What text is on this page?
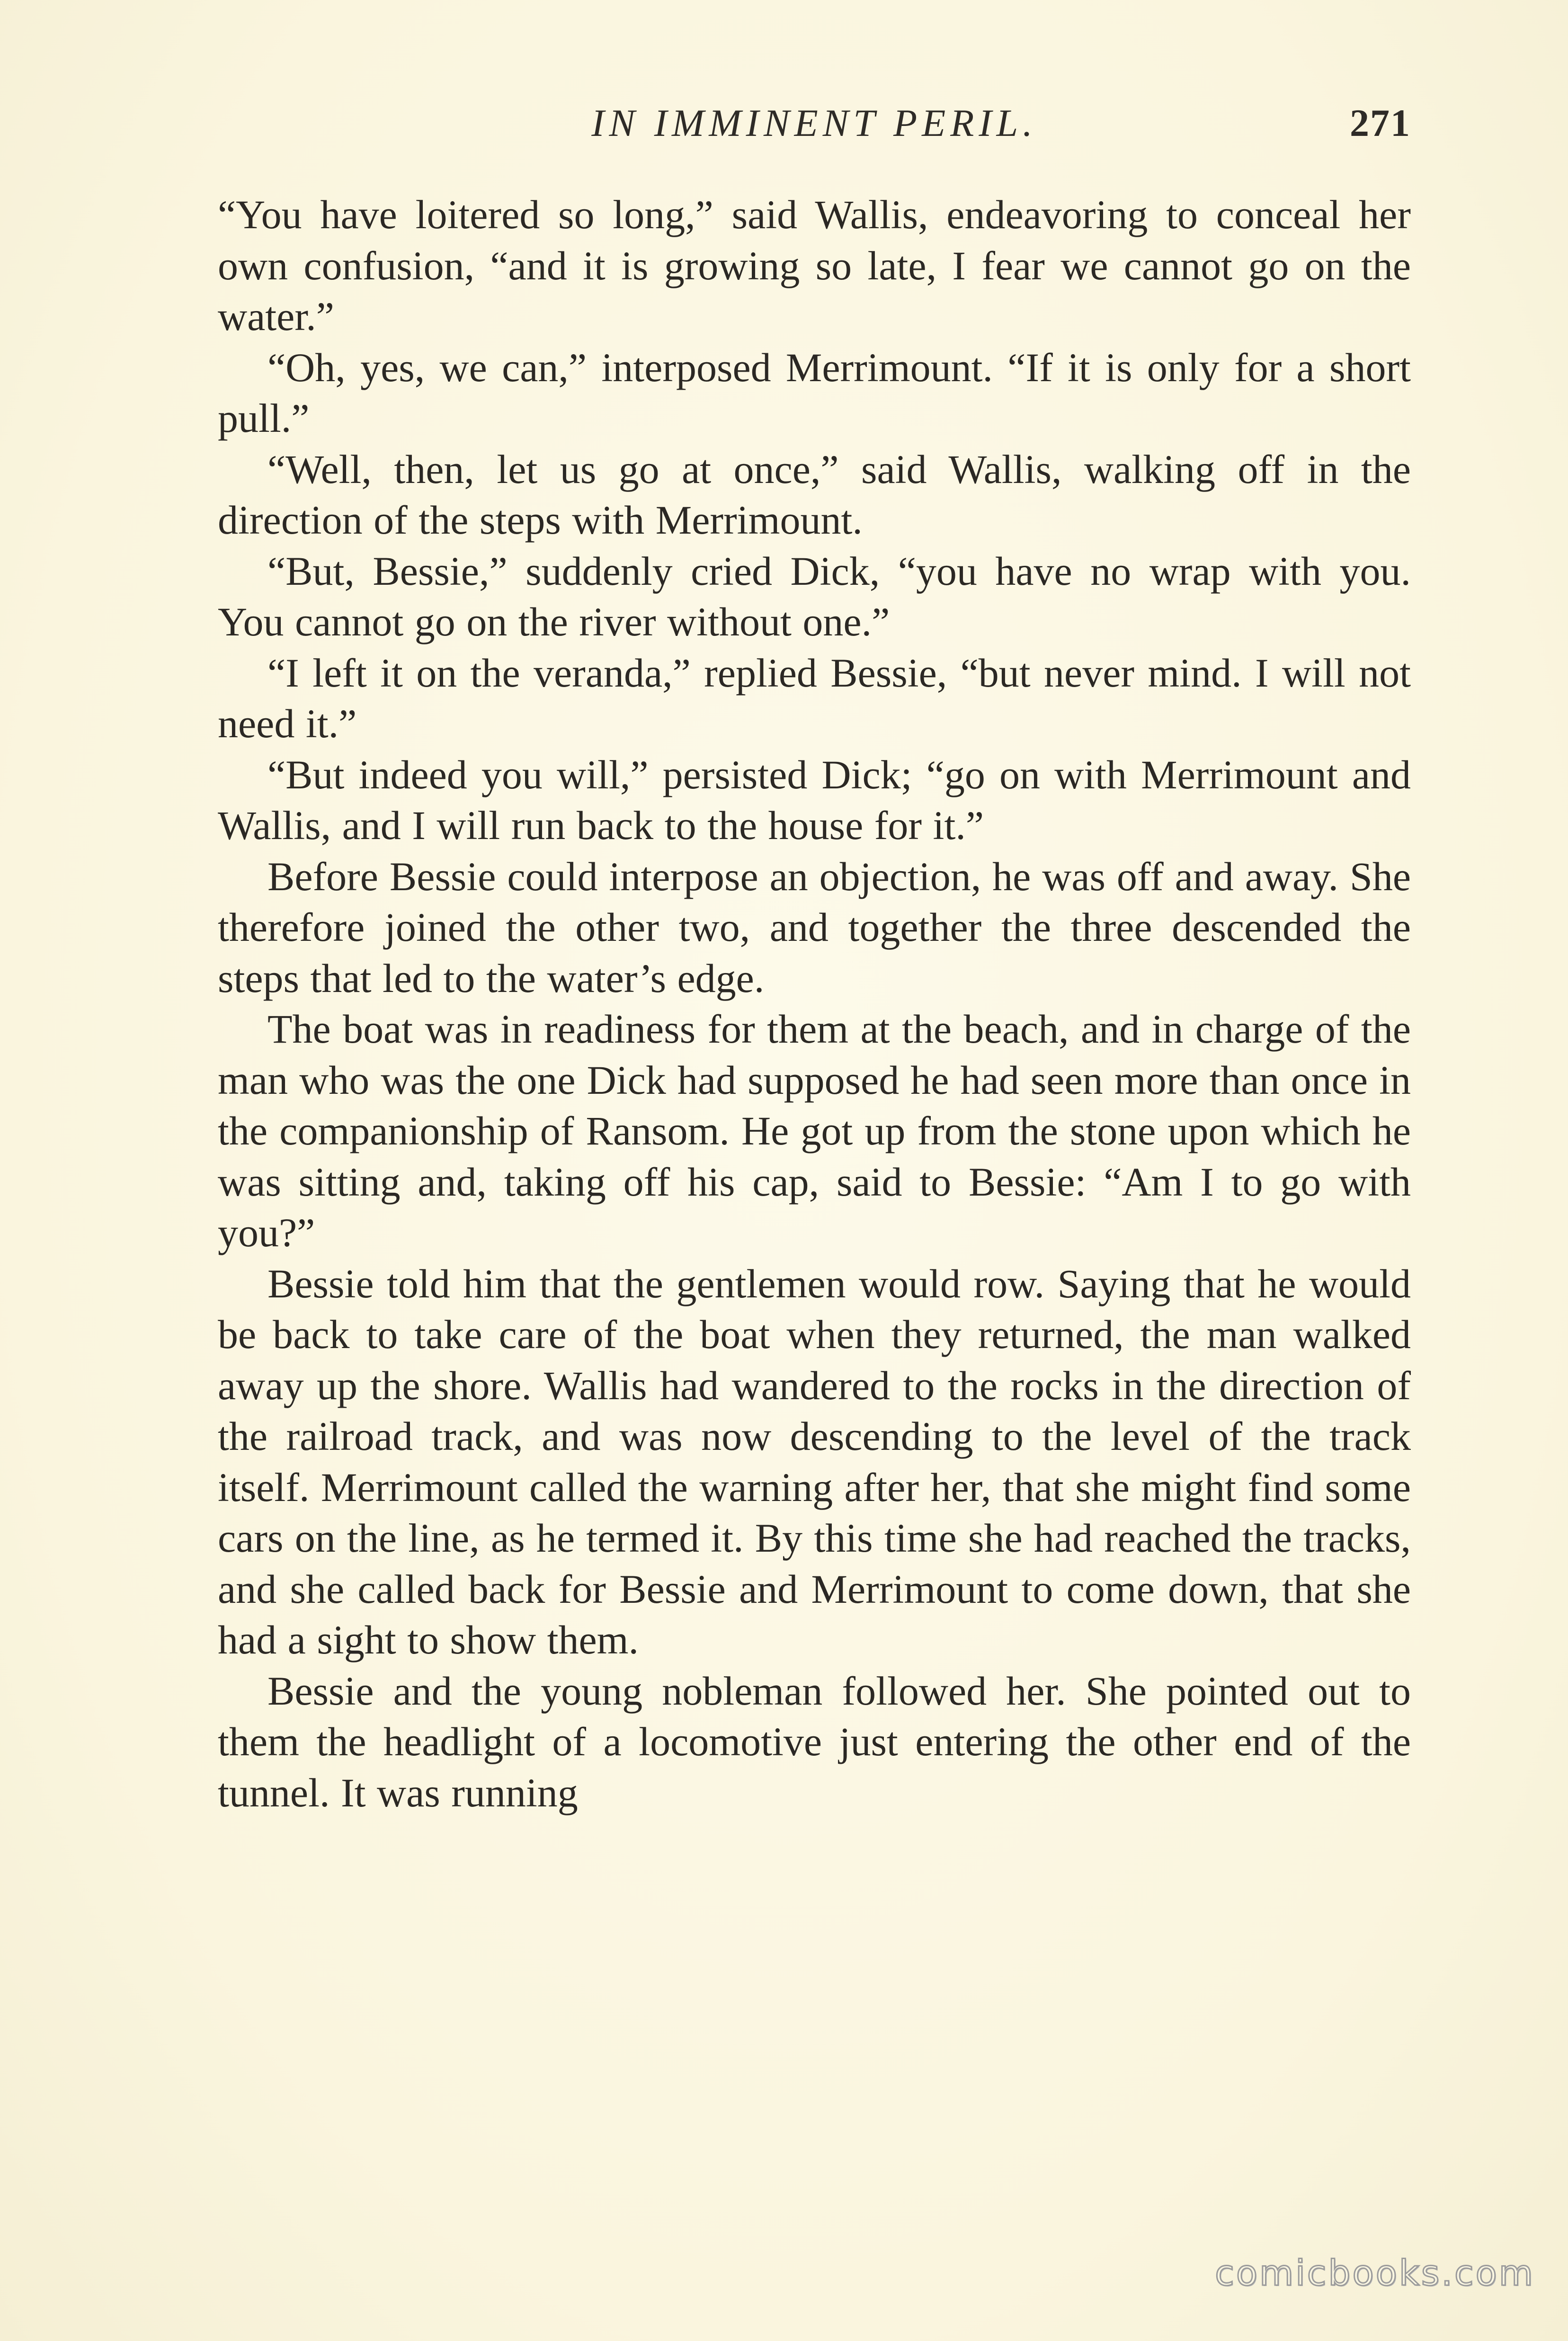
IN IMMINENT PERIL.	271

“You have loitered so long,” said Wallis, endeavoring to conceal her own confusion, “and it is growing so late, I fear we cannot go on the water.”

“Oh, yes, we can,” interposed Merrimount. “If it is only for a short pull.”

“Well, then, let us go at once,” said Wallis, walking off in the direction of the steps with Merrimount.

“But, Bessie,” suddenly cried Dick, “you have no wrap with you. You cannot go on the river without one.”

“I left it on the veranda,” replied Bessie, “but never mind. I will not need it.”

“But indeed you will,” persisted Dick; “go on with Merrimount and Wallis, and I will run back to the house for it.”

Before Bessie could interpose an objection, he was off and away. She therefore joined the other two, and together the three descended the steps that led to the water’s edge.

The boat was in readiness for them at the beach, and in charge of the man who was the one Dick had supposed he had seen more than once in the companionship of Ransom. He got up from the stone upon which he was sitting and, taking off his cap, said to Bessie: “Am I to go with you?”

Bessie told him that the gentlemen would row. Saying that he would be back to take care of the boat when they returned, the man walked away up the shore. Wallis had wandered to the rocks in the direction of the railroad track, and was now descending to the level of the track itself. Merrimount called the warning after her, that she might find some cars on the line, as he termed it. By this time she had reached the tracks, and she called back for Bessie and Merrimount to come down, that she had a sight to show them.

Bessie and the young nobleman followed her. She pointed out to them the headlight of a locomotive just entering the other end of the tunnel. It was running

comicbooks.com
